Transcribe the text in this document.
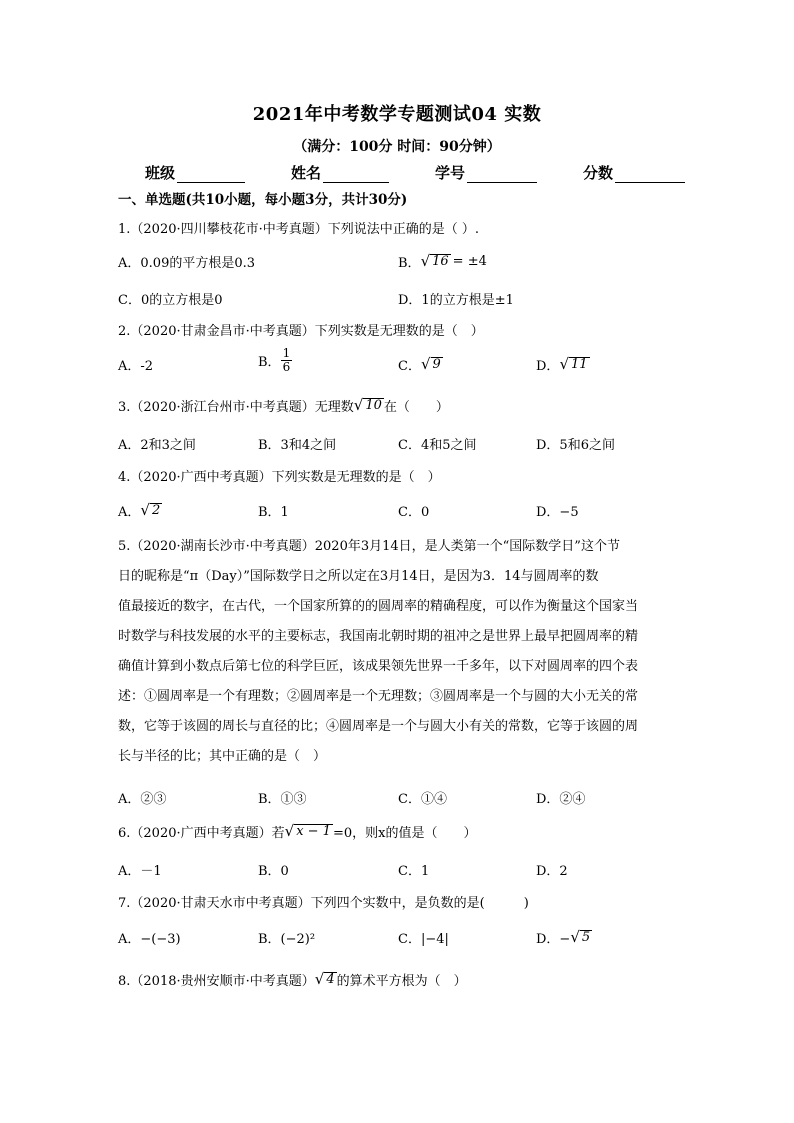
2021年中考数学专题测试04 实数
（满分：100分 时间：90分钟）
班级	姓名	学号	分数
一、单选题(共10小题，每小题3分，共计30分)
1.（2020·四川攀枝花市·中考真题）下列说法中正确的是（ ）.
A．0.09的平方根是0.3	B． √ 16 = ±4
C．0的立方根是0	D．1的立方根是±1
2.（2020·甘肃金昌市·中考真题）下列实数是无理数的是（　）
A．-2	B． $\frac{1}{6}$	C． √ 9	D． √ 11
3.（2020·浙江台州市·中考真题）无理数 √ 10 在（　　）
A．2和3之间	B．3和4之间	C．4和5之间	D．5和6之间
4.（2020·广西中考真题）下列实数是无理数的是（　）
A． √ 2	B．1	C．0	D．−5
5.（2020·湖南长沙市·中考真题）2020年3月14日，是人类第一个“国际数学日”这个节
日的昵称是“π（Day）”国际数学日之所以定在3月14日，是因为3．14与圆周率的数
值最接近的数字，在古代，一个国家所算的的圆周率的精确程度，可以作为衡量这个国家当
时数学与科技发展的水平的主要标志，我国南北朝时期的祖冲之是世界上最早把圆周率的精
确值计算到小数点后第七位的科学巨匠，该成果领先世界一千多年，以下对圆周率的四个表
述：①圆周率是一个有理数；②圆周率是一个无理数；③圆周率是一个与圆的大小无关的常
数，它等于该圆的周长与直径的比；④圆周率是一个与圆大小有关的常数，它等于该圆的周
长与半径的比；其中正确的是（　）
A．②③	B．①③	C．①④	D．②④
6.（2020·广西中考真题）若 √ x − 1 =0，则x的值是（　　）
A．－1	B．0	C．1	D．2
7.（2020·甘肃天水市中考真题）下列四个实数中，是负数的是(　　　)
A．−(−3)	B．(−2)²	C．|−4|	D．− √ 5
8.（2018·贵州安顺市·中考真题） √ 4 的算术平方根为（　）
